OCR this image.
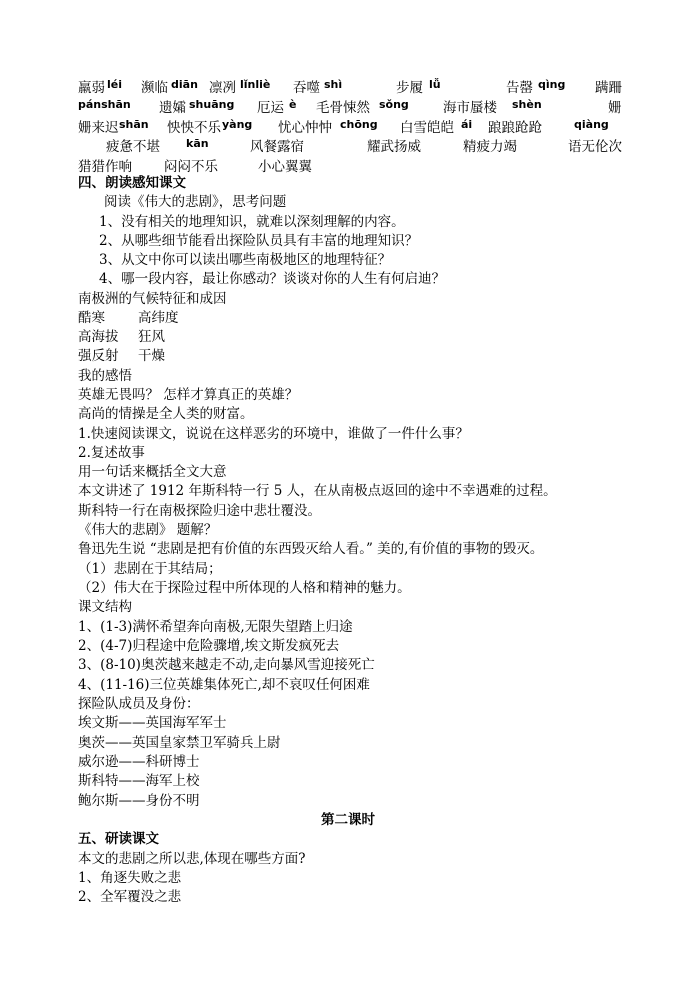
羸弱 léi 濒临 diān 凛冽 lǐnliè 吞噬 shì	步履 lǚ	告罄 qìng 蹒跚
pánshān 遗孀 shuāng 厄运 è 毛骨悚然 sǒng	海市蜃楼 shèn	姗
姗来迟 shān 怏怏不乐 yàng 忧心忡忡 chōng 白雪皑皑 ái 踉踉跄跄	qiàng
疲惫不堪 kān	风餐露宿	耀武扬威	精疲力竭	语无伦次
猎猎作响 闷闷不乐	小心翼翼
四、朗读感知课文
阅读《伟大的悲剧》，思考问题
1、没有相关的地理知识，就难以深刻理解的内容。
2、从哪些细节能看出探险队员具有丰富的地理知识？
3、从文中你可以读出哪些南极地区的地理特征？
4、哪一段内容，最让你感动？谈谈对你的人生有何启迪？
南极洲的气候特征和成因
酷寒 高纬度
高海拔 狂风
强反射 干燥
我的感悟
英雄无畏吗？ 怎样才算真正的英雄？
高尚的情操是全人类的财富。
1.快速阅读课文，说说在这样恶劣的环境中，谁做了一件什么事？
2.复述故事
用一句话来概括全文大意
本文讲述了 1912 年斯科特一行 5 人，在从南极点返回的途中不幸遇难的过程。
斯科特一行在南极探险归途中悲壮覆没。
《伟大的悲剧》 题解？
鲁迅先生说 “悲剧是把有价值的东西毁灭给人看。” 美的,有价值的事物的毁灭。
（1）悲剧在于其结局；
（2）伟大在于探险过程中所体现的人格和精神的魅力。
课文结构
1、(1-3)满怀希望奔向南极,无限失望踏上归途
2、(4-7)归程途中危险骤增,埃文斯发疯死去
3、(8-10)奥茨越来越走不动,走向暴风雪迎接死亡
4、(11-16)三位英雄集体死亡,却不哀叹任何困难
探险队成员及身份：
埃文斯——英国海军军士
奥茨——英国皇家禁卫军骑兵上尉
威尔逊——科研博士
斯科特——海军上校
鲍尔斯——身份不明
第二课时
五、研读课文
本文的悲剧之所以悲,体现在哪些方面?
1、角逐失败之悲
2、全军覆没之悲
